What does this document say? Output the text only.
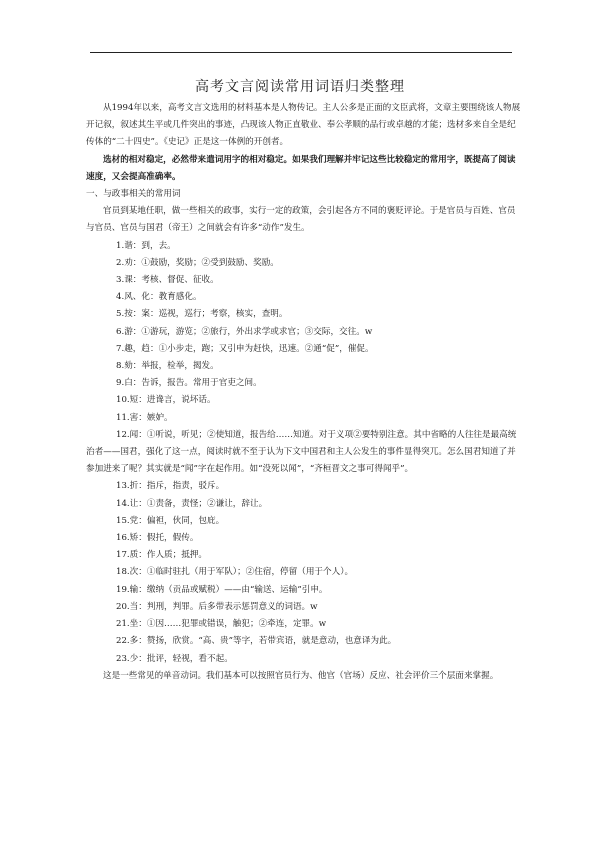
高考文言阅读常用词语归类整理

从1994年以来，高考文言文选用的材料基本是人物传记。主人公多是正面的文臣武将，文章主要围绕该人物展开记叙，叙述其生平或几件突出的事迹，凸现该人物正直敬业、奉公孝顺的品行或卓越的才能；选材多来自全是纪传体的“二十四史”。《史记》正是这一体例的开创者。

选材的相对稳定，必然带来遣词用字的相对稳定。如果我们理解并牢记这些比较稳定的常用字，既提高了阅读速度，又会提高准确率。

一、与政事相关的常用词

官员到某地任职，做一些相关的政事，实行一定的政策，会引起各方不同的褒贬评论。于是官员与百姓、官员与官员、官员与国君（帝王）之间就会有许多“动作”发生。

1.谐：到，去。

2.劝：①鼓励，奖励；②受到鼓励、奖励。

3.课：考核、督促、征收。

4.风、化：教育感化。

5.按：案：巡视，巡行；考察，核实，查明。

6.游：①游玩，游览；②旅行，外出求学或求官；③交际，交往。w

7.趣，趋：①小步走，跑；又引申为赶快，迅速。②通“促”，催促。

8.劾：举报，检举，揭发。

9.白：告诉，报告。常用于官吏之间。

10.短：进谗言，说坏话。

11.害：嫉妒。

12.闻：①听说，听见；②使知道，报告给……知道。对于义项②要特别注意。其中省略的人往往是最高统治者——国君，强化了这一点，阅读时就不至于认为下文中国君和主人公发生的事件显得突兀。怎么国君知道了并参加进来了呢？其实就是“闻”字在起作用。如“没死以闻”，“齐桓晋文之事可得闻乎”。

13.折：指斥，指责，驳斥。

14.让：①责备，责怪；②谦让，辞让。

15.党：偏袒，伙同，包庇。

16.矫：假托，假传。

17.质：作人质；抵押。

18.次：①临时驻扎（用于军队）；②住宿，停留（用于个人）。

19.输：缴纳（贡品或赋税）——由“输送、运输”引申。

20.当：判刑，判罪。后多带表示惩罚意义的词语。w

21.坐：①因……犯罪或错误，触犯；②牵连，定罪。w

22.多：赞扬，欣赏。“高、贵”等字，若带宾语，就是意动，也意译为此。

23.少：批评，轻视，看不起。

这是一些常见的单音动词。我们基本可以按照官员行为、他官（官场）反应、社会评价三个层面来掌握。
